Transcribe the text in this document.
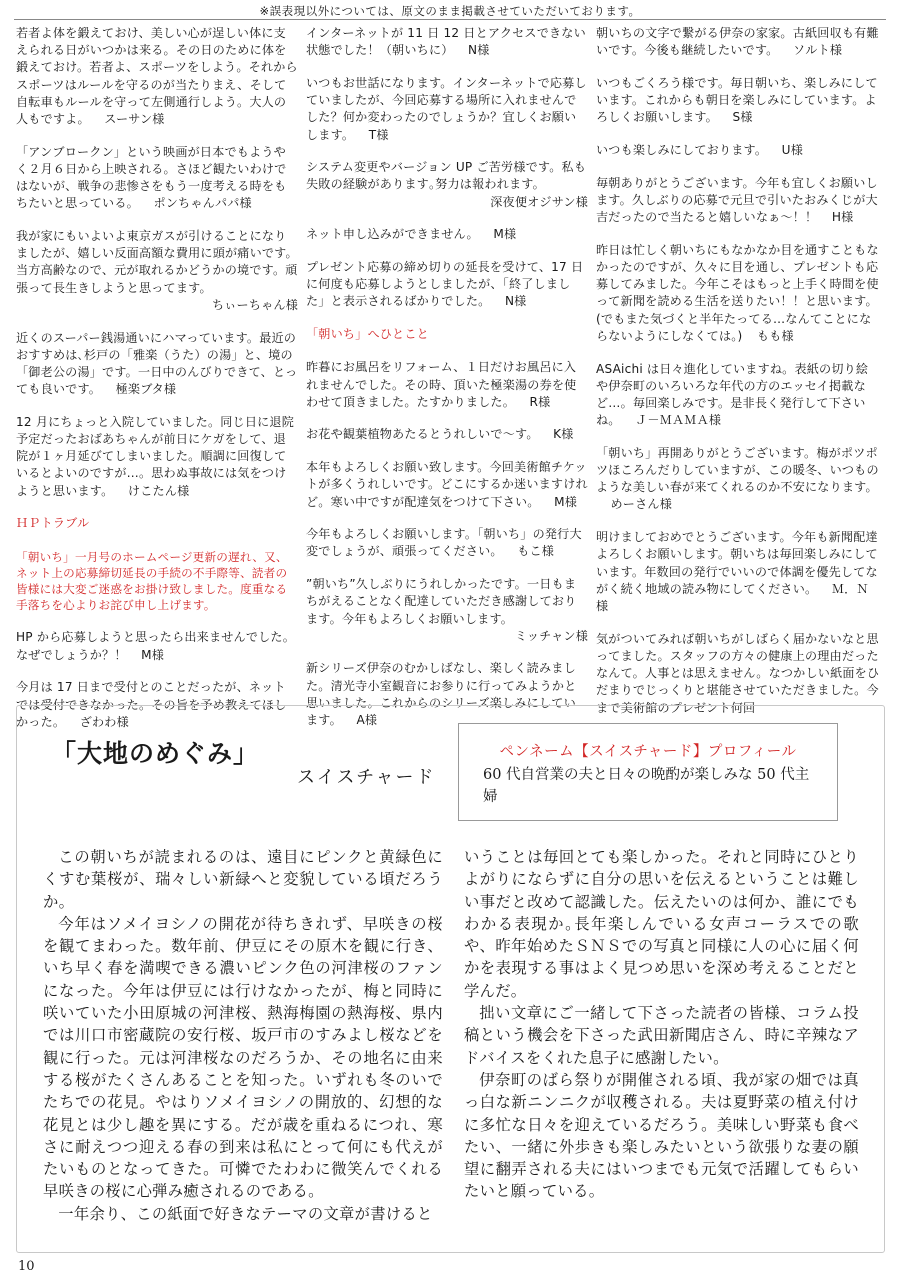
※誤表現以外については、原文のまま掲載させていただいております。
若者よ体を鍛えておけ、美しい心が逞しい体に支えられる日がいつかは来る。その日のために体を鍛えておけ。若者よ、スポーツをしよう。それからスポーツはルールを守るのが当たりまえ、そして自転車もルールを守って左側通行しよう。大人の人もですよ。 スーサン様
「アンブロークン」という映画が日本でもようやく２月６日から上映される。さほど観たいわけではないが、戦争の悲惨さをもう一度考える時をもちたいと思っている。 ポンちゃんパパ様
我が家にもいよいよ東京ガスが引けることになりましたが、嬉しい反面高額な費用に頭が痛いです。当方高齢なので、元が取れるかどうかの境です。頑張って長生きしようと思ってます。
ちぃーちゃん様
近くのスーパー銭湯通いにハマっています。最近のおすすめは､杉戸の「雅楽（うた）の湯」と、境の「御老公の湯」です。一日中のんびりできて、とっても良いです。 極楽ブタ様
12 月にちょっと入院していました。同じ日に退院予定だったおばあちゃんが前日にケガをして、退院が１ヶ月延びてしまいました。順調に回復しているとよいのですが…。思わぬ事故には気をつけようと思います。 けこたん様
ＨＰトラブル
「朝いち」一月号のホームページ更新の遅れ、又、ネット上の応募締切延長の手続の不手際等、読者の皆様には大変ご迷惑をお掛け致しました。度重なる手落ちを心よりお詫び申し上げます。
HP から応募しようと思ったら出来ませんでした。なぜでしょうか？！ M様
今月は 17 日まで受付とのことだったが、ネットでは受付できなかった。その旨を予め教えてほしかった。 ざわわ様
インターネットが 11 日 12 日とアクセスできない状態でした！（朝いちに） N様
いつもお世話になります。インターネットで応募していましたが、今回応募する場所に入れませんでした？何か変わったのでしょうか？宜しくお願いします。 T様
システム変更やバージョン UP ご苦労様です。私も失敗の経験があります｡努力は報われます。
深夜便オジサン様
ネット申し込みができません。 M様
プレゼント応募の締め切りの延長を受けて、17 日に何度も応募しようとしましたが、「終了しました」と表示されるばかりでした。 N様
「朝いち」へひとこと
昨暮にお風呂をリフォーム、１日だけお風呂に入れませんでした。その時、頂いた極楽湯の券を使わせて頂きました。たすかりました。 R様
お花や観葉植物あたるとうれしいで～す。 K様
本年もよろしくお願い致します。今回美術館チケットが多くうれしいです。どこにするか迷いますけれど。寒い中ですが配達気をつけて下さい。 M様
今年もよろしくお願いします。「朝いち」の発行大変でしょうが、頑張ってください。 もこ様
”朝いち”久しぶりにうれしかったです。一日もまちがえることなく配達していただき感謝しております。今年もよろしくお願いします。
ミッチャン様
新シリーズ伊奈のむかしばなし、楽しく読みました。清光寺小室観音にお参りに行ってみようかと思いました。これからのシリーズ楽しみにしています。 A様
朝いちの文字で繋がる伊奈の家家。古紙回収も有難いです。今後も継続したいです。 ソルト様
いつもごくろう様です。毎日朝いち、楽しみにしています。これからも朝日を楽しみにしています。よろしくお願いします。 S様
いつも楽しみにしております。 U様
毎朝ありがとうございます。今年も宜しくお願いします。久しぶりの応募で元旦で引いたおみくじが大吉だったので当たると嬉しいなぁ～！！ H様
昨日は忙しく朝いちにもなかなか目を通すこともなかったのですが、久々に目を通し、プレゼントも応募してみました。今年こそはもっと上手く時間を使って新聞を読める生活を送りたい！！と思います。(でもまた気づくと半年たってる…なんてことにならないようにしなくては。) もも様
ASAichi は日々進化していますね。表紙の切り絵や伊奈町のいろいろな年代の方のエッセイ掲載など…。毎回楽しみです。是非長く発行して下さいね。 Ｊ－ＭＡＭＡ様
「朝いち」再開ありがとうございます。梅がポツポツほころんだりしていますが、この暖冬、いつものような美しい春が来てくれるのか不安になります。めーさん様
明けましておめでとうございます。今年も新聞配達よろしくお願いします。朝いちは毎回楽しみにしています。年数回の発行でいいので体調を優先してながく続く地域の読み物にしてください。 Ｍ．Ｎ様
気がついてみれば朝いちがしばらく届かないなと思ってました。スタッフの方々の健康上の理由だったなんて。人事とは思えません。なつかしい紙面をひだまりでじっくりと堪能させていただきました。今まで美術館のプレゼント何回
「大地のめぐみ」
スイスチャード
ペンネーム【スイスチャード】プロフィール
60 代自営業の夫と日々の晩酌が楽しみな 50 代主婦

この朝いちが読まれるのは、遠目にピンクと黄緑色にくすむ葉桜が、瑞々しい新緑へと変貌している頃だろうか。

今年はソメイヨシノの開花が待ちきれず、早咲きの桜を観てまわった。数年前、伊豆にその原木を観に行き、いち早く春を満喫できる濃いピンク色の河津桜のファンになった。今年は伊豆には行けなかったが、梅と同時に咲いていた小田原城の河津桜、熱海梅園の熱海桜、県内では川口市密蔵院の安行桜、坂戸市のすみよし桜などを観に行った。元は河津桜なのだろうか、その地名に由来する桜がたくさんあることを知った。いずれも冬のいでたちでの花見。やはりソメイヨシノの開放的、幻想的な花見とは少し趣を異にする。だが歳を重ねるにつれ、寒さに耐えつつ迎える春の到来は私にとって何にも代えがたいものとなってきた。可憐でたわわに微笑んでくれる早咲きの桜に心弾み癒されるのである。

一年余り、この紙面で好きなテーマの文章が書けると

いうことは毎回とても楽しかった。それと同時にひとりよがりにならずに自分の思いを伝えるということは難しい事だと改めて認識した。伝えたいのは何か、誰にでもわかる表現か｡長年楽しんでいる女声コーラスでの歌や、昨年始めたＳＮＳでの写真と同様に人の心に届く何かを表現する事はよく見つめ思いを深め考えることだと学んだ。

拙い文章にご一緒して下さった読者の皆様、コラム投稿という機会を下さった武田新聞店さん、時に辛辣なアドバイスをくれた息子に感謝したい。

伊奈町のばら祭りが開催される頃、我が家の畑では真っ白な新ニンニクが収穫される。夫は夏野菜の植え付けに多忙な日々を迎えているだろう。美味しい野菜も食べたい、一緒に外歩きも楽しみたいという欲張りな妻の願望に翻弄される夫にはいつまでも元気で活躍してもらいたいと願っている。

10
